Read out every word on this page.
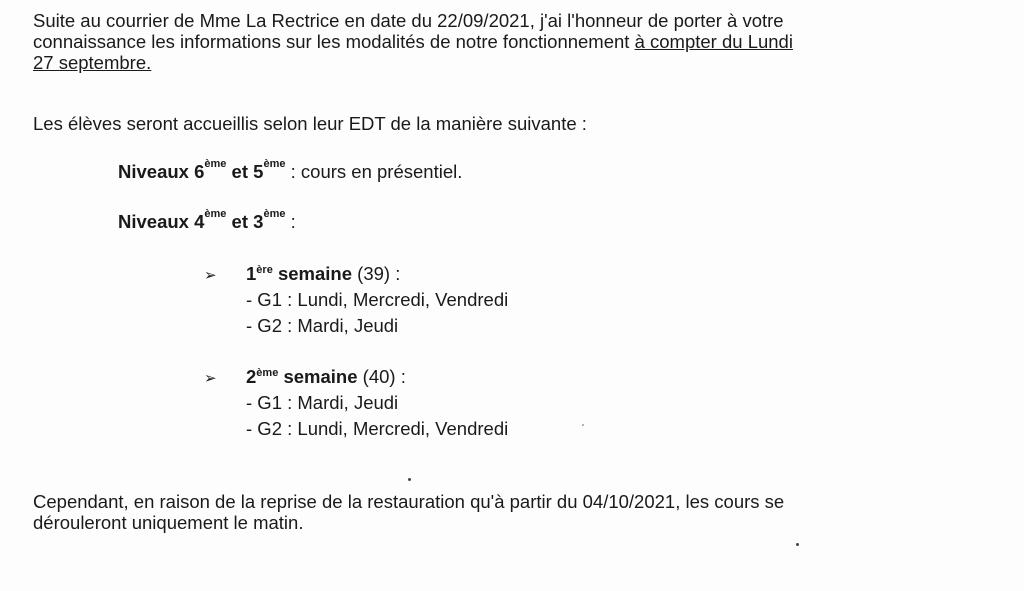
Suite au courrier de Mme La Rectrice en date du 22/09/2021, j'ai l'honneur de porter à votre
connaissance les informations sur les modalités de notre fonctionnement à compter du Lundi
27 septembre.
Les élèves seront accueillis selon leur EDT de la manière suivante :
Niveaux 6ème et 5ème : cours en présentiel.
Niveaux 4ème et 3ème :
➢ 1ère semaine (39) :
- G1 : Lundi, Mercredi, Vendredi
- G2 : Mardi, Jeudi
➢ 2ème semaine (40) :
- G1 : Mardi, Jeudi
- G2 : Lundi, Mercredi, Vendredi
Cependant, en raison de la reprise de la restauration qu'à partir du 04/10/2021, les cours se
dérouleront uniquement le matin.
